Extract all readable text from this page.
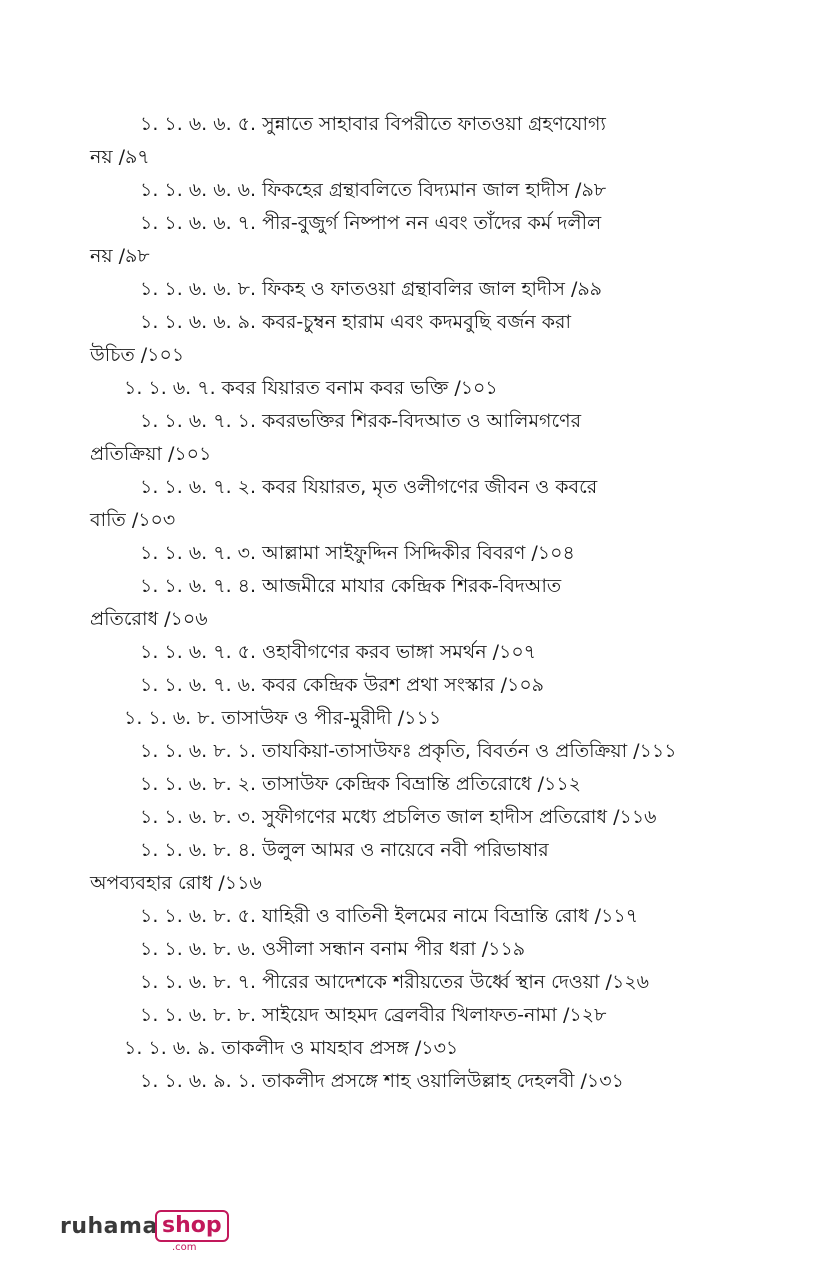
১. ১. ৬. ৬. ৫. সুন্নাতে সাহাবার বিপরীতে ফাতওয়া গ্রহণযোগ্য
নয় /৯৭
১. ১. ৬. ৬. ৬. ফিকহের গ্রন্থাবলিতে বিদ্যমান জাল হাদীস /৯৮
১. ১. ৬. ৬. ৭. পীর-বুজুর্গ নিষ্পাপ নন এবং তাঁদের কর্ম দলীল
নয় /৯৮
১. ১. ৬. ৬. ৮. ফিকহ ও ফাতওয়া গ্রন্থাবলির জাল হাদীস /৯৯
১. ১. ৬. ৬. ৯. কবর-চুম্বন হারাম এবং কদমবুছি বর্জন করা
উচিত /১০১
১. ১. ৬. ৭. কবর যিয়ারত বনাম কবর ভক্তি /১০১
১. ১. ৬. ৭. ১. কবরভক্তির শিরক-বিদআত ও আলিমগণের
প্রতিক্রিয়া /১০১
১. ১. ৬. ৭. ২. কবর যিয়ারত, মৃত ওলীগণের জীবন ও কবরে
বাতি /১০৩
১. ১. ৬. ৭. ৩. আল্লামা সাইফুদ্দিন সিদ্দিকীর বিবরণ /১০৪
১. ১. ৬. ৭. ৪. আজমীরে মাযার কেন্দ্রিক শিরক-বিদআত
প্রতিরোধ /১০৬
১. ১. ৬. ৭. ৫. ওহাবীগণের করব ভাঙ্গা সমর্থন /১০৭
১. ১. ৬. ৭. ৬. কবর কেন্দ্রিক উরশ প্রথা সংস্কার /১০৯
১. ১. ৬. ৮. তাসাউফ ও পীর-মুরীদী /১১১
১. ১. ৬. ৮. ১. তাযকিয়া-তাসাউফঃ প্রকৃতি, বিবর্তন ও প্রতিক্রিয়া /১১১
১. ১. ৬. ৮. ২. তাসাউফ কেন্দ্রিক বিভ্রান্তি প্রতিরোধে /১১২
১. ১. ৬. ৮. ৩. সুফীগণের মধ্যে প্রচলিত জাল হাদীস প্রতিরোধ /১১৬
১. ১. ৬. ৮. ৪. উলুল আমর ও নায়েবে নবী পরিভাষার
অপব্যবহার রোধ /১১৬
১. ১. ৬. ৮. ৫. যাহিরী ও বাতিনী ইলমের নামে বিভ্রান্তি রোধ /১১৭
১. ১. ৬. ৮. ৬. ওসীলা সন্ধান বনাম পীর ধরা /১১৯
১. ১. ৬. ৮. ৭. পীরের আদেশকে শরীয়তের উর্ধ্বে স্থান দেওয়া /১২৬
১. ১. ৬. ৮. ৮. সাইয়েদ আহমদ ব্রেলবীর খিলাফত-নামা /১২৮
১. ১. ৬. ৯. তাকলীদ ও মাযহাব প্রসঙ্গ /১৩১
১. ১. ৬. ৯. ১. তাকলীদ প্রসঙ্গে শাহ ওয়ালিউল্লাহ দেহলবী /১৩১
ruhama shop
.com
